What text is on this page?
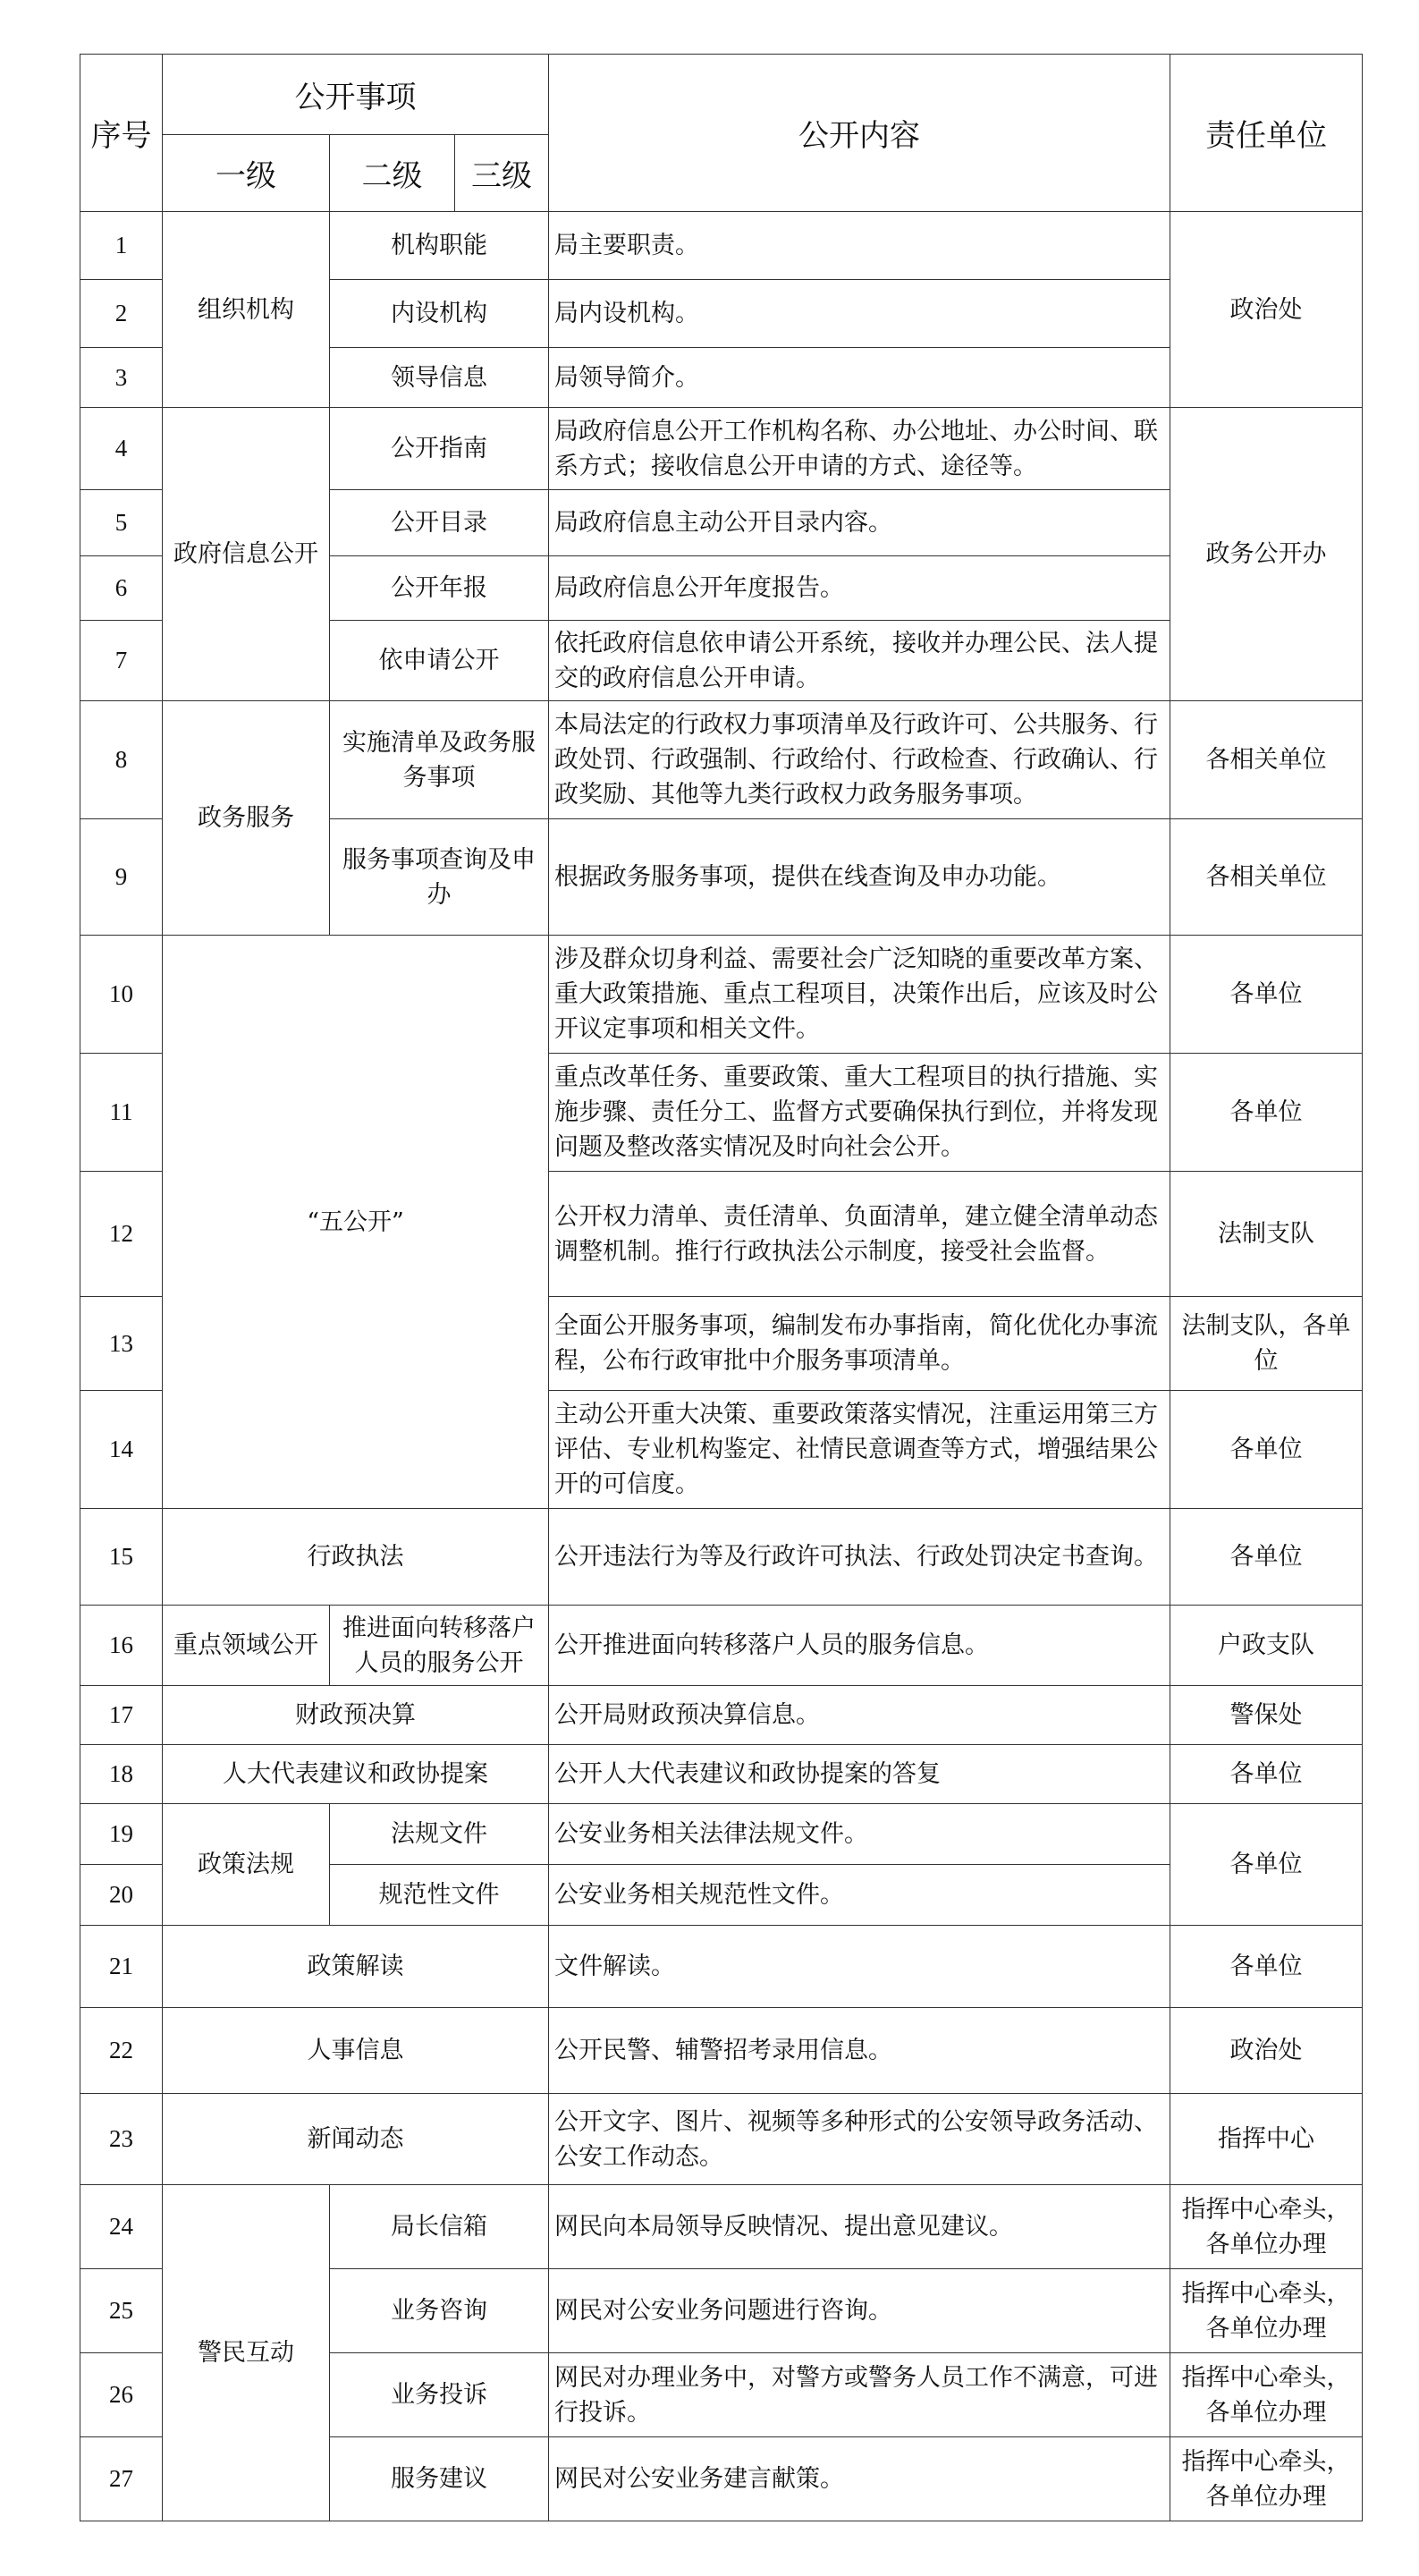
序号	公开事项			公开内容	责任单位
	一级	二级	三级		
1	组织机构	机构职能		局主要职责。	政治处
2		内设机构		局内设机构。	
3		领导信息		局领导简介。	
4	政府信息公开	公开指南		局政府信息公开工作机构名称、办公地址、办公时间、联系方式；接收信息公开申请的方式、途径等。	政务公开办
5		公开目录		局政府信息主动公开目录内容。	
6		公开年报		局政府信息公开年度报告。	
7		依申请公开		依托政府信息依申请公开系统，接收并办理公民、法人提交的政府信息公开申请。	
8	政务服务	实施清单及政务服务事项		本局法定的行政权力事项清单及行政许可、公共服务、行政处罚、行政强制、行政给付、行政检查、行政确认、行政奖励、其他等九类行政权力政务服务事项。	各相关单位
9		服务事项查询及申办		根据政务服务事项，提供在线查询及申办功能。	各相关单位
10	“五公开”			涉及群众切身利益、需要社会广泛知晓的重要改革方案、重大政策措施、重点工程项目，决策作出后，应该及时公开议定事项和相关文件。	各单位
11				重点改革任务、重要政策、重大工程项目的执行措施、实施步骤、责任分工、监督方式要确保执行到位，并将发现问题及整改落实情况及时向社会公开。	各单位
12				公开权力清单、责任清单、负面清单，建立健全清单动态调整机制。推行行政执法公示制度，接受社会监督。	法制支队
13				全面公开服务事项，编制发布办事指南，简化优化办事流程，公布行政审批中介服务事项清单。	法制支队，各单位
14				主动公开重大决策、重要政策落实情况，注重运用第三方评估、专业机构鉴定、社情民意调查等方式，增强结果公开的可信度。	各单位
15	行政执法			公开违法行为等及行政许可执法、行政处罚决定书查询。	各单位
16	重点领域公开	推进面向转移落户人员的服务公开		公开推进面向转移落户人员的服务信息。	户政支队
17	财政预决算			公开局财政预决算信息。	警保处
18	人大代表建议和政协提案			公开人大代表建议和政协提案的答复	各单位
19	政策法规	法规文件		公安业务相关法律法规文件。	各单位
20		规范性文件		公安业务相关规范性文件。	
21	政策解读			文件解读。	各单位
22	人事信息			公开民警、辅警招考录用信息。	政治处
23	新闻动态			公开文字、图片、视频等多种形式的公安领导政务活动、公安工作动态。	指挥中心
24	警民互动	局长信箱		网民向本局领导反映情况、提出意见建议。	指挥中心牵头，各单位办理
25		业务咨询		网民对公安业务问题进行咨询。	指挥中心牵头，各单位办理
26		业务投诉		网民对办理业务中，对警方或警务人员工作不满意，可进行投诉。	指挥中心牵头，各单位办理
27		服务建议		网民对公安业务建言献策。	指挥中心牵头，各单位办理
